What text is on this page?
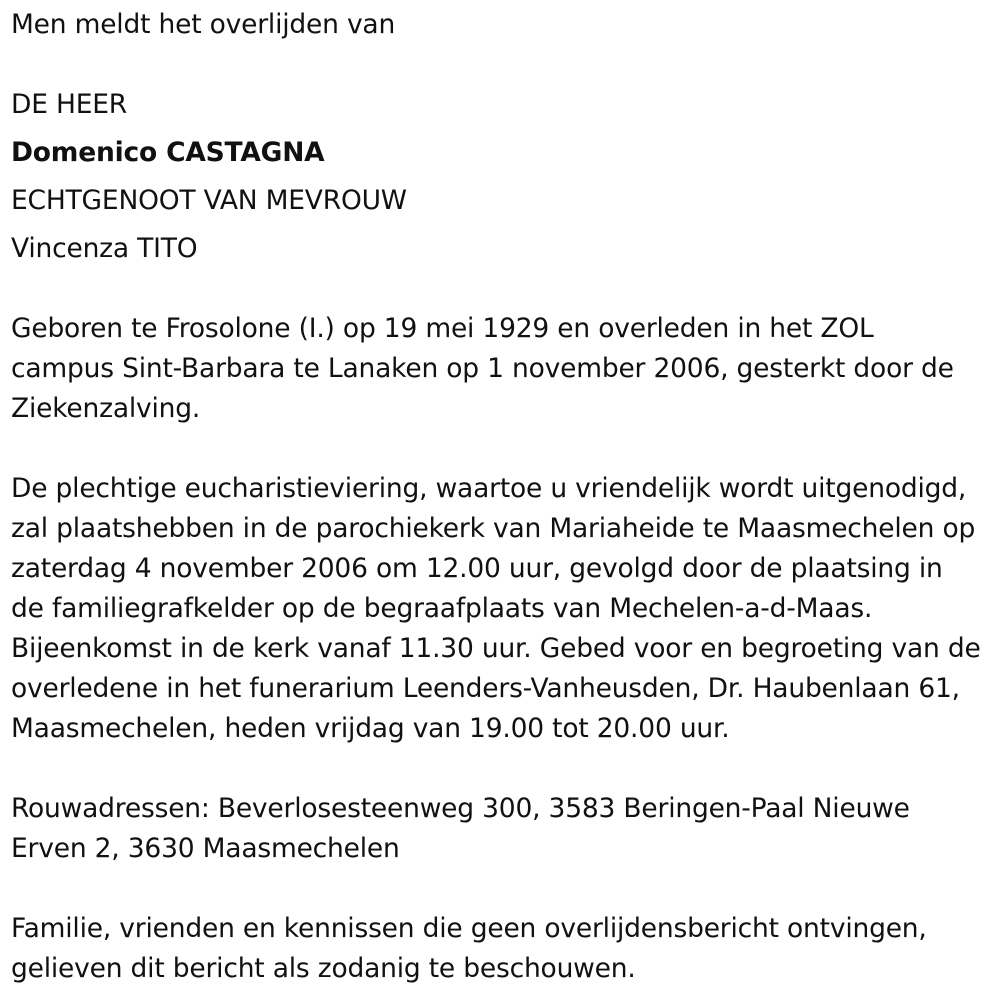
Men meldt het overlijden van
DE HEER
Domenico CASTAGNA
ECHTGENOOT VAN MEVROUW
Vincenza TITO
Geboren te Frosolone (I.) op 19 mei 1929 en overleden in het ZOL
campus Sint-Barbara te Lanaken op 1 november 2006, gesterkt door de
Ziekenzalving.
De plechtige eucharistieviering, waartoe u vriendelijk wordt uitgenodigd,
zal plaatshebben in de parochiekerk van Mariaheide te Maasmechelen op
zaterdag 4 november 2006 om 12.00 uur, gevolgd door de plaatsing in
de familiegrafkelder op de begraafplaats van Mechelen-a-d-Maas.
Bijeenkomst in de kerk vanaf 11.30 uur. Gebed voor en begroeting van de
overledene in het funerarium Leenders-Vanheusden, Dr. Haubenlaan 61,
Maasmechelen, heden vrijdag van 19.00 tot 20.00 uur.
Rouwadressen: Beverlosesteenweg 300, 3583 Beringen-Paal Nieuwe
Erven 2, 3630 Maasmechelen
Familie, vrienden en kennissen die geen overlijdensbericht ontvingen,
gelieven dit bericht als zodanig te beschouwen.
